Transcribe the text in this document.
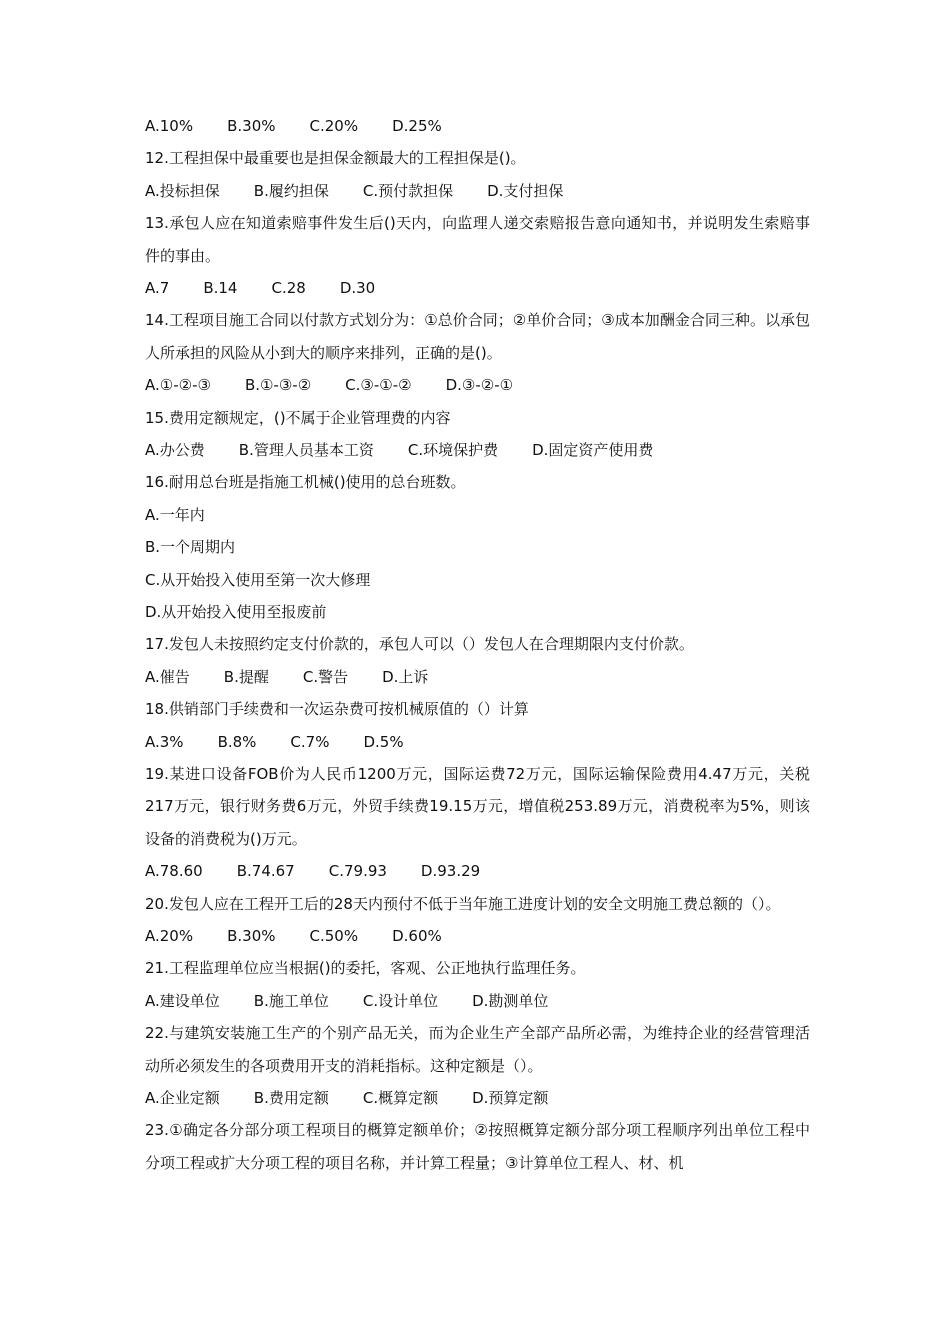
A.10% B.30% C.20% D.25%
12.工程担保中最重要也是担保金额最大的工程担保是()。
A.投标担保 B.履约担保 C.预付款担保 D.支付担保
13.承包人应在知道索赔事件发生后()天内，向监理人递交索赔报告意向通知书，并说明发生索赔事件的事由。
A.7 B.14 C.28 D.30
14.工程项目施工合同以付款方式划分为：①总价合同；②单价合同；③成本加酬金合同三种。以承包人所承担的风险从小到大的顺序来排列，正确的是()。
A.①-②-③ B.①-③-② C.③-①-② D.③-②-①
15.费用定额规定，()不属于企业管理费的内容
A.办公费 B.管理人员基本工资 C.环境保护费 D.固定资产使用费
16.耐用总台班是指施工机械()使用的总台班数。
A.一年内
B.一个周期内
C.从开始投入使用至第一次大修理
D.从开始投入使用至报废前
17.发包人未按照约定支付价款的，承包人可以（）发包人在合理期限内支付价款。
A.催告 B.提醒 C.警告 D.上诉
18.供销部门手续费和一次运杂费可按机械原值的（）计算
A.3% B.8% C.7% D.5%
19.某进口设备FOB价为人民币1200万元，国际运费72万元，国际运输保险费用4.47万元，关税217万元，银行财务费6万元，外贸手续费19.15万元，增值税253.89万元，消费税率为5%，则该设备的消费税为()万元。
A.78.60 B.74.67 C.79.93 D.93.29
20.发包人应在工程开工后的28天内预付不低于当年施工进度计划的安全文明施工费总额的（）。
A.20% B.30% C.50% D.60%
21.工程监理单位应当根据()的委托，客观、公正地执行监理任务。
A.建设单位 B.施工单位 C.设计单位 D.勘测单位
22.与建筑安装施工生产的个别产品无关，而为企业生产全部产品所必需，为维持企业的经营管理活动所必须发生的各项费用开支的消耗指标。这种定额是（）。
A.企业定额 B.费用定额 C.概算定额 D.预算定额
23.①确定各分部分项工程项目的概算定额单价；②按照概算定额分部分项工程顺序列出单位工程中分项工程或扩大分项工程的项目名称，并计算工程量；③计算单位工程人、材、机
